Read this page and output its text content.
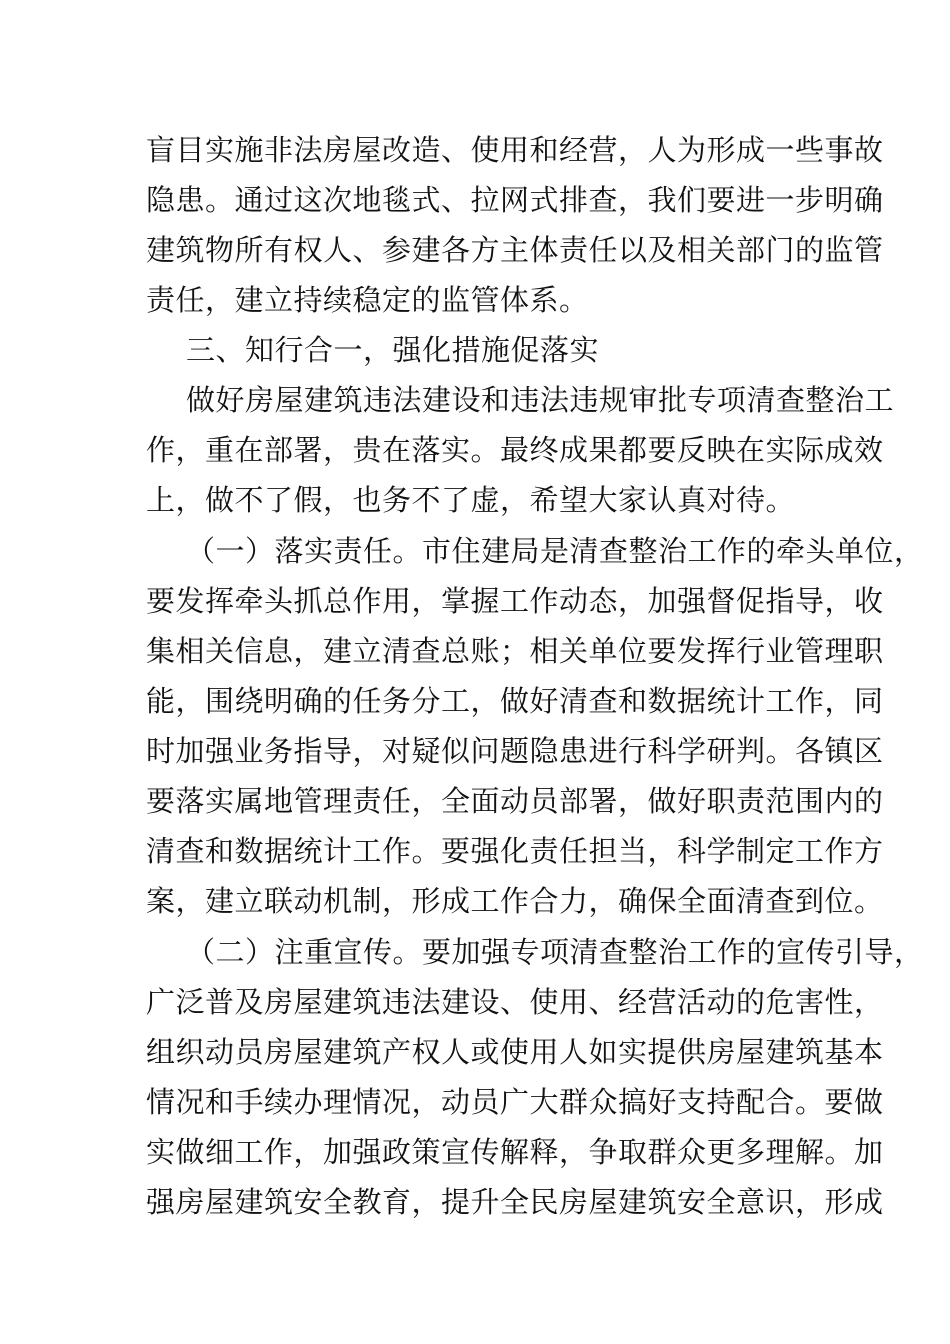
盲目实施非法房屋改造、使用和经营，人为形成一些事故
隐患。通过这次地毯式、拉网式排查，我们要进一步明确
建筑物所有权人、参建各方主体责任以及相关部门的监管
责任，建立持续稳定的监管体系。
三、知行合一，强化措施促落实
做好房屋建筑违法建设和违法违规审批专项清查整治工
作，重在部署，贵在落实。最终成果都要反映在实际成效
上，做不了假，也务不了虚，希望大家认真对待。
（一）落实责任。市住建局是清查整治工作的牵头单位，
要发挥牵头抓总作用，掌握工作动态，加强督促指导，收
集相关信息，建立清查总账；相关单位要发挥行业管理职
能，围绕明确的任务分工，做好清查和数据统计工作，同
时加强业务指导，对疑似问题隐患进行科学研判。各镇区
要落实属地管理责任，全面动员部署，做好职责范围内的
清查和数据统计工作。要强化责任担当，科学制定工作方
案，建立联动机制，形成工作合力，确保全面清查到位。
（二）注重宣传。要加强专项清查整治工作的宣传引导，
广泛普及房屋建筑违法建设、使用、经营活动的危害性，
组织动员房屋建筑产权人或使用人如实提供房屋建筑基本
情况和手续办理情况，动员广大群众搞好支持配合。要做
实做细工作，加强政策宣传解释，争取群众更多理解。加
强房屋建筑安全教育，提升全民房屋建筑安全意识，形成
